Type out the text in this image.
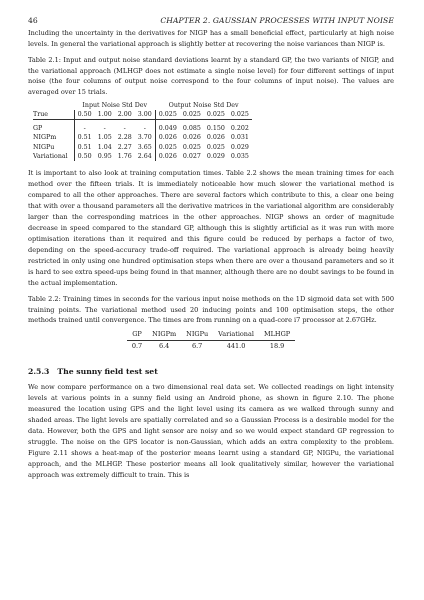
46	CHAPTER 2. GAUSSIAN PROCESSES WITH INPUT NOISE

Including the uncertainty in the derivatives for NIGP has a small beneficial effect, particularly at high noise levels. In general the variational approach is slightly better at recovering the noise variances than NIGP is.

Table 2.1: Input and output noise standard deviations learnt by a standard GP, the two variants of NIGP, and the variational approach (MLHGP does not estimate a single noise level) for four different settings of input noise (the four columns of output noise correspond to the four columns of input noise). The values are averaged over 15 trials.

	Input Noise Std Dev				Output Noise Std Dev			
True	0.50	1.00	2.00	3.00	0.025	0.025	0.025	0.025

GP	-	-	-	-	0.049	0.085	0.150	0.202
NIGPm	0.51	1.05	2.28	3.70	0.026	0.026	0.026	0.031
NIGPu	0.51	1.04	2.27	3.65	0.025	0.025	0.025	0.029
Variational	0.50	0.95	1.76	2.64	0.026	0.027	0.029	0.035

It is important to also look at training computation times. Table 2.2 shows the mean training times for each method over the fifteen trials. It is immediately noticeable how much slower the variational method is compared to all the other approaches. There are several factors which contribute to this, a clear one being that with over a thousand parameters all the derivative matrices in the variational algorithm are considerably larger than the corresponding matrices in the other approaches. NIGP shows an order of magnitude decrease in speed compared to the standard GP, although this is slightly artificial as it was run with more optimisation iterations than it required and this figure could be reduced by perhaps a factor of two, depending on the speed-accuracy trade-off required. The variational approach is already being heavily restricted in only using one hundred optimisation steps when there are over a thousand parameters and so it is hard to see extra speed-ups being found in that manner, although there are no doubt savings to be found in the actual implementation.

Table 2.2: Training times in seconds for the various input noise methods on the 1D sigmoid data set with 500 training points. The variational method used 20 inducing points and 100 optimisation steps, the other methods trained until convergence. The times are from running on a quad-core i7 processor at 2.67GHz.

GP	NIGPm	NIGPu	Variational	MLHGP
0.7	6.4	6.7	441.0	18.9
2.5.3 The sunny field test set

We now compare performance on a two dimensional real data set. We collected readings on light intensity levels at various points in a sunny field using an Android phone, as shown in figure 2.10. The phone measured the location using GPS and the light level using its camera as we walked through sunny and shaded areas. The light levels are spatially correlated and so a Gaussian Process is a desirable model for the data. However, both the GPS and light sensor are noisy and so we would expect standard GP regression to struggle. The noise on the GPS locator is non-Gaussian, which adds an extra complexity to the problem. Figure 2.11 shows a heat-map of the posterior means learnt using a standard GP, NIGPu, the variational approach, and the MLHGP. These posterior means all look qualitatively similar, however the variational approach was extremely difficult to train. This is
